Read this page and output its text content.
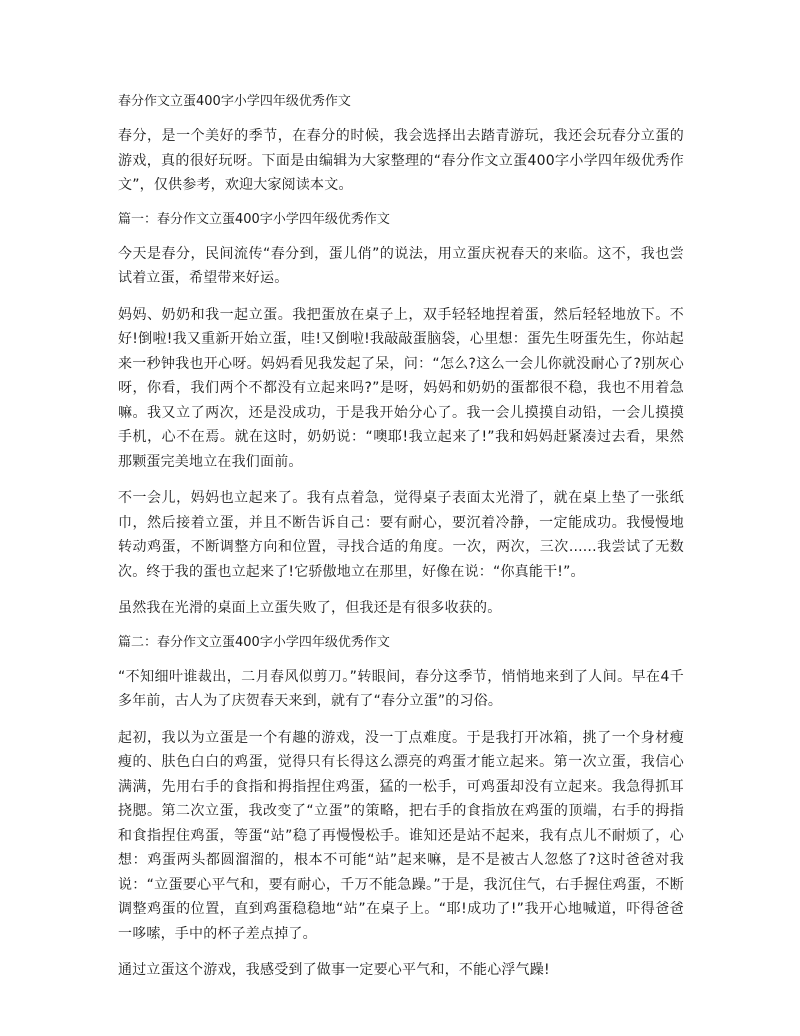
春分作文立蛋400字小学四年级优秀作文

春分，是一个美好的季节，在春分的时候，我会选择出去踏青游玩，我还会玩春分立蛋的游戏，真的很好玩呀。下面是由编辑为大家整理的“春分作文立蛋400字小学四年级优秀作文”，仅供参考，欢迎大家阅读本文。

篇一：春分作文立蛋400字小学四年级优秀作文

今天是春分，民间流传“春分到，蛋儿俏”的说法，用立蛋庆祝春天的来临。这不，我也尝试着立蛋，希望带来好运。

妈妈、奶奶和我一起立蛋。我把蛋放在桌子上，双手轻轻地捏着蛋，然后轻轻地放下。不好!倒啦!我又重新开始立蛋，哇!又倒啦!我敲敲蛋脑袋，心里想：蛋先生呀蛋先生，你站起来一秒钟我也开心呀。妈妈看见我发起了呆，问：“怎么?这么一会儿你就没耐心了?别灰心呀，你看，我们两个不都没有立起来吗?”是呀，妈妈和奶奶的蛋都很不稳，我也不用着急嘛。我又立了两次，还是没成功，于是我开始分心了。我一会儿摸摸自动铅，一会儿摸摸手机，心不在焉。就在这时，奶奶说：“噢耶!我立起来了!”我和妈妈赶紧凑过去看，果然那颗蛋完美地立在我们面前。

不一会儿，妈妈也立起来了。我有点着急，觉得桌子表面太光滑了，就在桌上垫了一张纸巾，然后接着立蛋，并且不断告诉自己：要有耐心，要沉着冷静，一定能成功。我慢慢地转动鸡蛋，不断调整方向和位置，寻找合适的角度。一次，两次，三次......我尝试了无数次。终于我的蛋也立起来了!它骄傲地立在那里，好像在说：“你真能干!”。

虽然我在光滑的桌面上立蛋失败了，但我还是有很多收获的。

篇二：春分作文立蛋400字小学四年级优秀作文

“不知细叶谁裁出，二月春风似剪刀。”转眼间，春分这季节，悄悄地来到了人间。早在4千多年前，古人为了庆贺春天来到，就有了“春分立蛋”的习俗。

起初，我以为立蛋是一个有趣的游戏，没一丁点难度。于是我打开冰箱，挑了一个身材瘦瘦的、肤色白白的鸡蛋，觉得只有长得这么漂亮的鸡蛋才能立起来。第一次立蛋，我信心满满，先用右手的食指和拇指捏住鸡蛋，猛的一松手，可鸡蛋却没有立起来。我急得抓耳挠腮。第二次立蛋，我改变了“立蛋”的策略，把右手的食指放在鸡蛋的顶端，右手的拇指和食指捏住鸡蛋，等蛋“站”稳了再慢慢松手。谁知还是站不起来，我有点儿不耐烦了，心想：鸡蛋两头都圆溜溜的，根本不可能“站”起来嘛，是不是被古人忽悠了?这时爸爸对我说：“立蛋要心平气和，要有耐心，千万不能急躁。”于是，我沉住气，右手握住鸡蛋，不断调整鸡蛋的位置，直到鸡蛋稳稳地“站”在桌子上。“耶!成功了!”我开心地喊道，吓得爸爸一哆嗦，手中的杯子差点掉了。

通过立蛋这个游戏，我感受到了做事一定要心平气和，不能心浮气躁!
